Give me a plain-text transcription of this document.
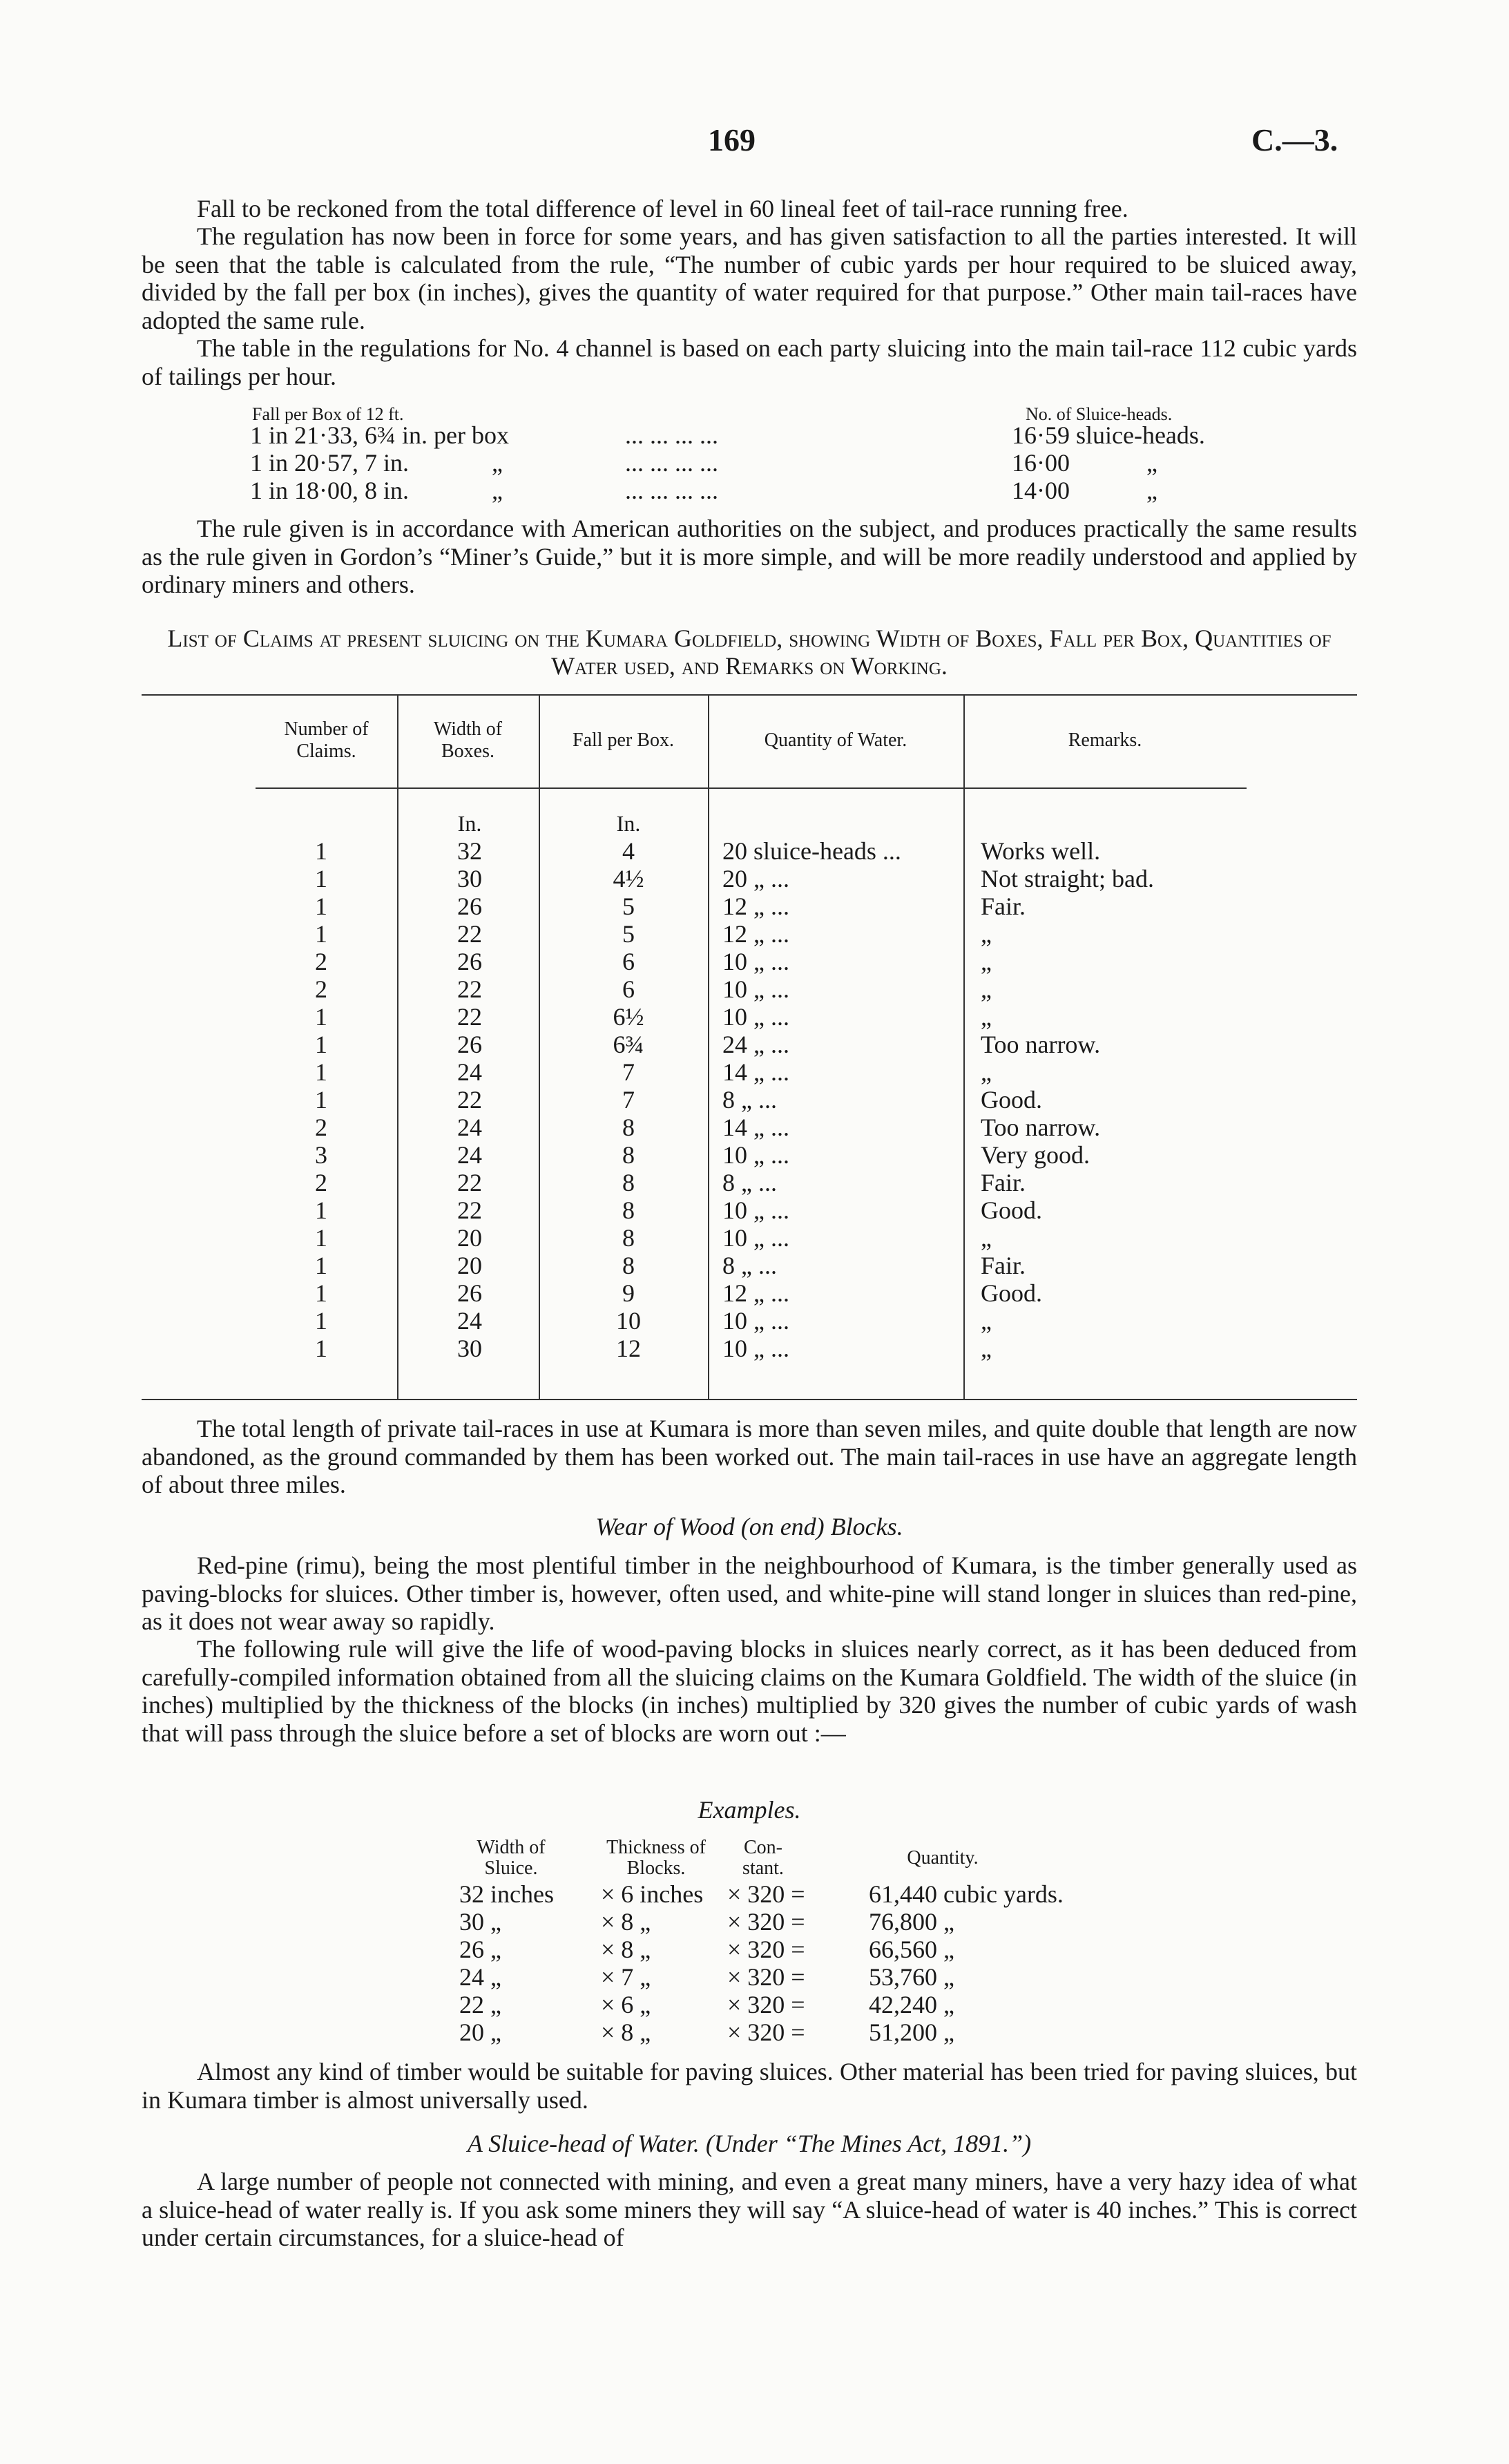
169	C.—3.
Fall to be reckoned from the total difference of level in 60 lineal feet of tail-race running free.
The regulation has now been in force for some years, and has given satisfaction to all the parties interested. It will be seen that the table is calculated from the rule, “The number of cubic yards per hour required to be sluiced away, divided by the fall per box (in inches), gives the quantity of water required for that purpose.” Other main tail-races have adopted the same rule.
The table in the regulations for No. 4 channel is based on each party sluicing into the main tail-race 112 cubic yards of tailings per hour.
Fall per Box of 12 ft.	No. of Sluice-heads.
1 in 21·33, 6¾ in. per box	... ... ... ...	16·59 sluice-heads.
1 in 20·57, 7 in.	„	... ... ... ...	16·00	„
1 in 18·00, 8 in.	„	... ... ... ...	14·00	„
The rule given is in accordance with American authorities on the subject, and produces practically the same results as the rule given in Gordon’s “Miner’s Guide,” but it is more simple, and will be more readily understood and applied by ordinary miners and others.
List of Claims at present sluicing on the Kumara Goldfield, showing Width of Boxes, Fall per Box, Quantities of Water used, and Remarks on Working.
Number of Claims.
Width of Boxes.
Fall per Box.	Quantity of Water.	Remarks.
In.	In.
1	32	4	20 sluice-heads ...	Works well.
1	30	4½	20 „ ...	Not straight; bad.
1	26	5	12 „ ...	Fair.
1	22	5	12 „ ...	„
2	26	6	10 „ ...	„
2	22	6	10 „ ...	„
1	22	6½	10 „ ...	„
1	26	6¾	24 „ ...	Too narrow.
1	24	7	14 „ ...	„
1	22	7	8 „ ...	Good.
2	24	8	14 „ ...	Too narrow.
3	24	8	10 „ ...	Very good.
2	22	8	8 „ ...	Fair.
1	22	8	10 „ ...	Good.
1	20	8	10 „ ...	„
1	20	8	8 „ ...	Fair.
1	26	9	12 „ ...	Good.
1	24	10	10 „ ...	„
1	30	12	10 „ ...	„
The total length of private tail-races in use at Kumara is more than seven miles, and quite double that length are now abandoned, as the ground commanded by them has been worked out. The main tail-races in use have an aggregate length of about three miles.
Wear of Wood (on end) Blocks.
Red-pine (rimu), being the most plentiful timber in the neighbourhood of Kumara, is the timber generally used as paving-blocks for sluices. Other timber is, however, often used, and white-pine will stand longer in sluices than red-pine, as it does not wear away so rapidly.
The following rule will give the life of wood-paving blocks in sluices nearly correct, as it has been deduced from carefully-compiled information obtained from all the sluicing claims on the Kumara Goldfield. The width of the sluice (in inches) multiplied by the thickness of the blocks (in inches) multiplied by 320 gives the number of cubic yards of wash that will pass through the sluice before a set of blocks are worn out :—
Examples.
Width of Sluice.
Thickness of Blocks.
Con-stant.	Quantity.
32 inches × 6 inches × 320 =	61,440 cubic yards.
30 „	× 8 „	× 320 =	76,800 „
26 „	× 8 „	× 320 =	66,560 „
24 „	× 7 „	× 320 =	53,760 „
22 „	× 6 „	× 320 =	42,240 „
20 „	× 8 „	× 320 =	51,200 „
Almost any kind of timber would be suitable for paving sluices. Other material has been tried for paving sluices, but in Kumara timber is almost universally used.
A Sluice-head of Water. (Under “The Mines Act, 1891.”)
A large number of people not connected with mining, and even a great many miners, have a very hazy idea of what a sluice-head of water really is. If you ask some miners they will say “A sluice-head of water is 40 inches.” This is correct under certain circumstances, for a sluice-head of
